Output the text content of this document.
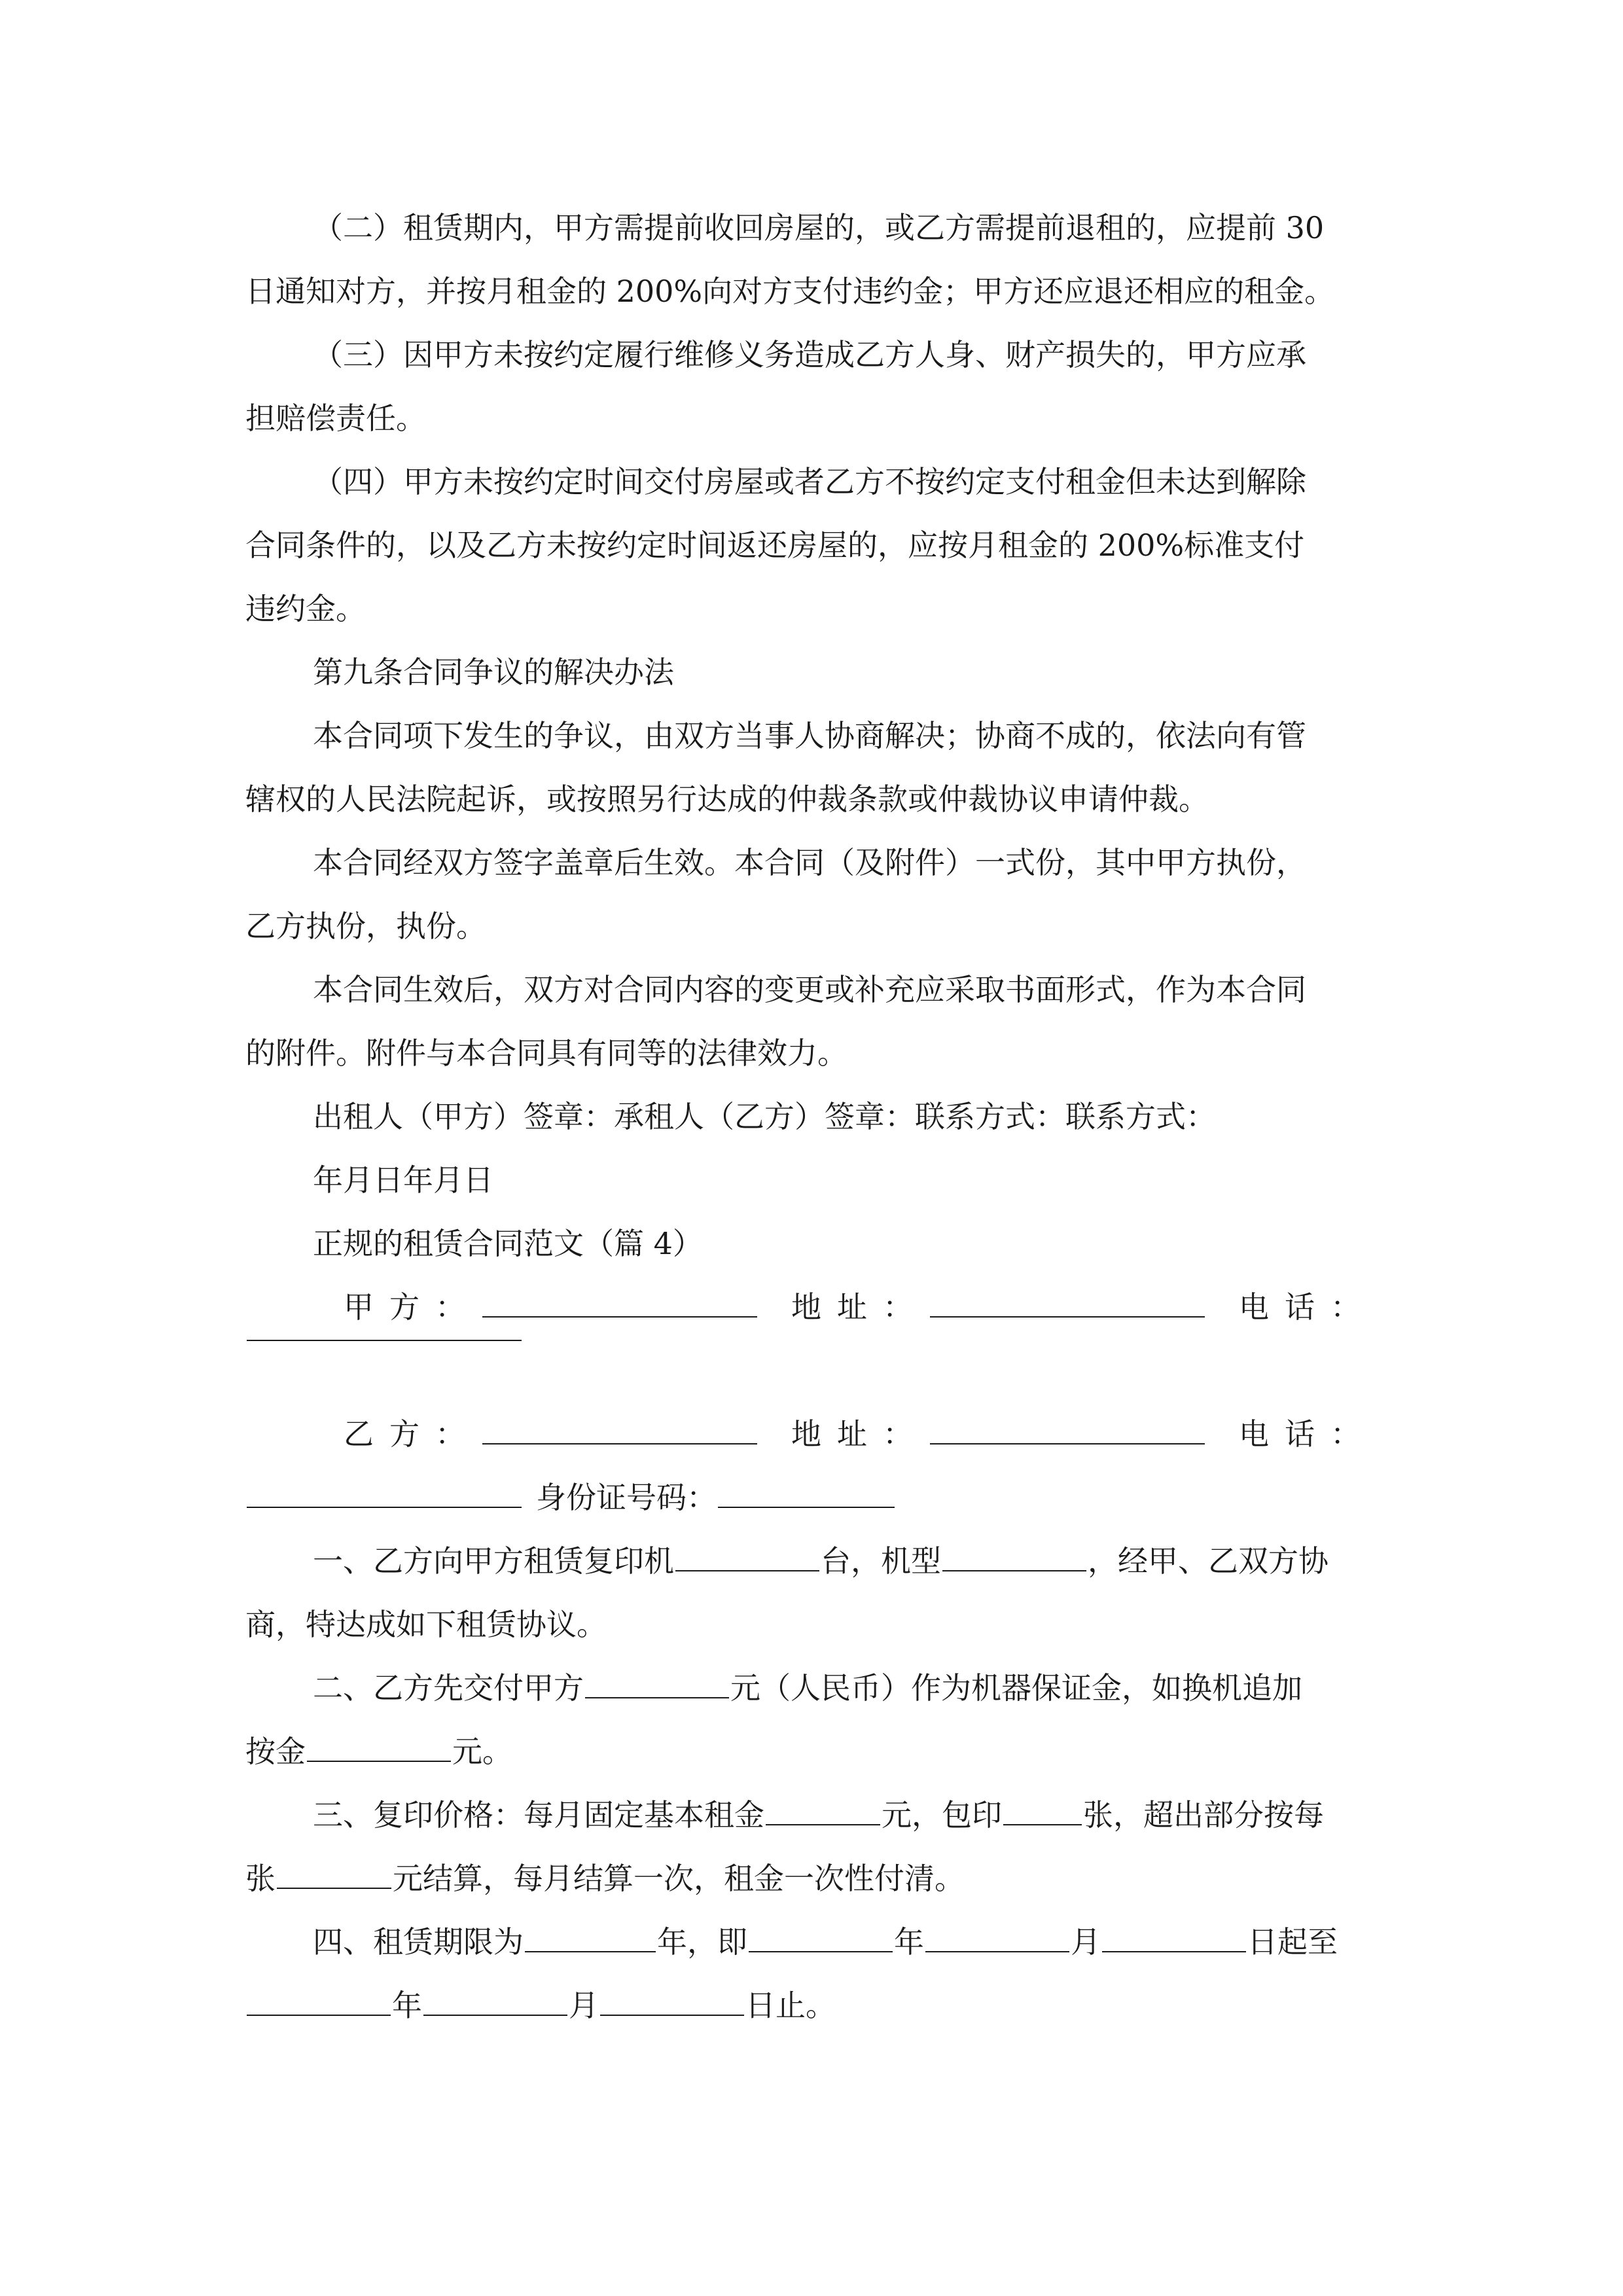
（二）租赁期内，甲方需提前收回房屋的，或乙方需提前退租的，应提前 30

日通知对方，并按月租金的 200%向对方支付违约金；甲方还应退还相应的租金。

（三）因甲方未按约定履行维修义务造成乙方人身、财产损失的，甲方应承

担赔偿责任。

（四）甲方未按约定时间交付房屋或者乙方不按约定支付租金但未达到解除

合同条件的，以及乙方未按约定时间返还房屋的，应按月租金的 200%标准支付

违约金。

第九条合同争议的解决办法

本合同项下发生的争议，由双方当事人协商解决；协商不成的，依法向有管

辖权的人民法院起诉，或按照另行达成的仲裁条款或仲裁协议申请仲裁。

本合同经双方签字盖章后生效。本合同（及附件）一式份，其中甲方执份，

乙方执份，执份。

本合同生效后，双方对合同内容的变更或补充应采取书面形式，作为本合同

的附件。附件与本合同具有同等的法律效力。

出租人（甲方）签章：承租人（乙方）签章：联系方式：联系方式：

年月日年月日

正规的租赁合同范文（篇 4）

甲方：	地址：	电话：
乙方：	地址：	电话：
身份证号码：
一、乙方向甲方租赁复印机	台，机型	，经甲、乙双方协
商，特达成如下租赁协议。
二、乙方先交付甲方	元（人民币）作为机器保证金，如换机追加
按金	元。
三、复印价格：每月固定基本租金	元，包印	张，超出部分按每
张	元结算，每月结算一次，租金一次性付清。
四、租赁期限为	年，即	年	月	日起至
年	月	日止。
